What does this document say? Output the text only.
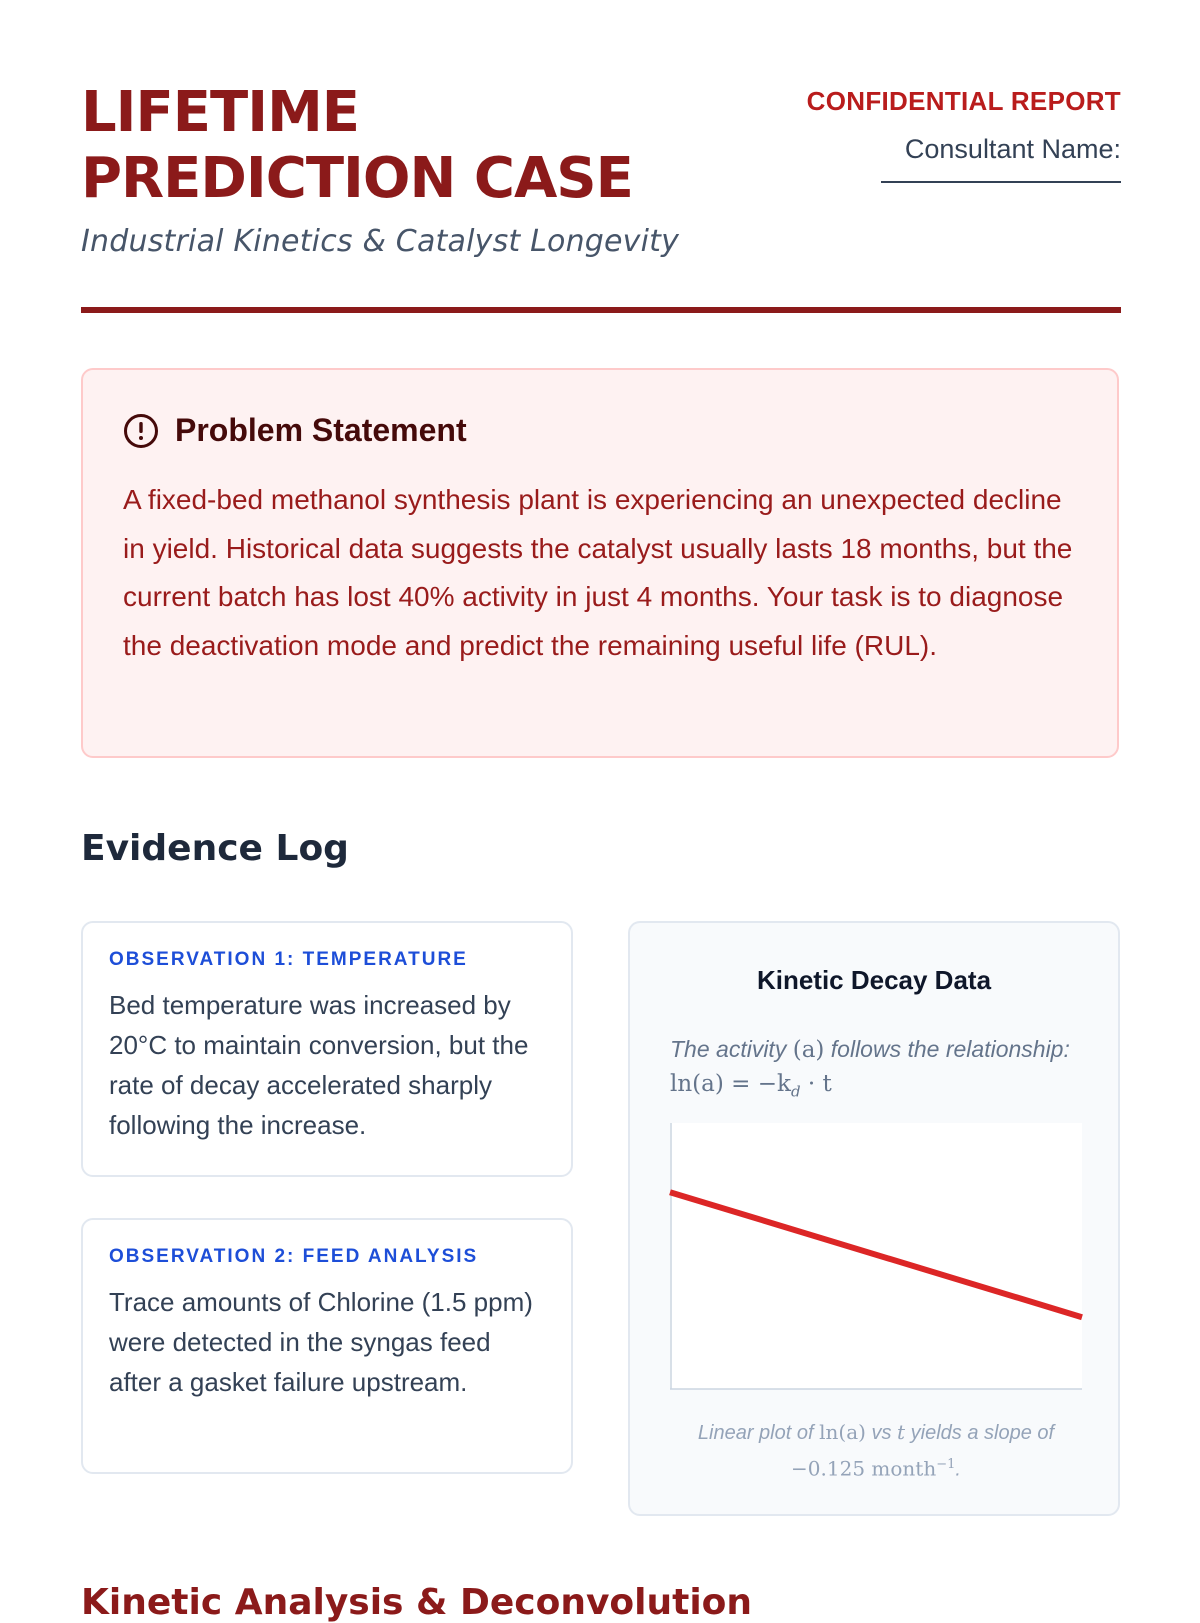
LIFETIME
PREDICTION CASE
Industrial Kinetics & Catalyst Longevity
CONFIDENTIAL REPORT
Consultant Name:
Problem Statement
A fixed-bed methanol synthesis plant is experiencing an unexpected decline in yield. Historical data suggests the catalyst usually lasts 18 months, but the current batch has lost 40% activity in just 4 months. Your task is to diagnose the deactivation mode and predict the remaining useful life (RUL).
Evidence Log
OBSERVATION 1: TEMPERATURE
Bed temperature was increased by 20°C to maintain conversion, but the rate of decay accelerated sharply following the increase.
OBSERVATION 2: FEED ANALYSIS
Trace amounts of Chlorine (1.5 ppm) were detected in the syngas feed after a gasket failure upstream.
Kinetic Decay Data
The activity (a) follows the relationship: $\ln(a) = -k_d \cdot t$
Linear plot of ln(a) vs t yields a slope of
−0.125 month$^{-1}$.
Kinetic Analysis & Deconvolution
